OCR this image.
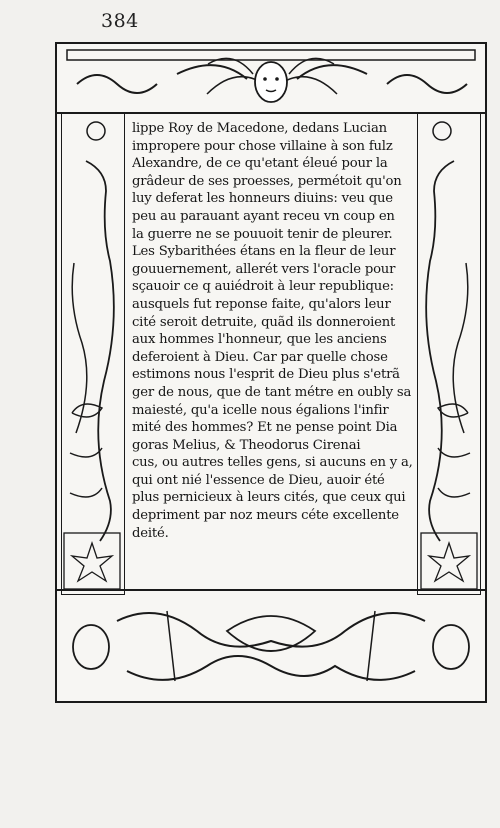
384
lippe Roy de Macedone, dedans Lucian
impropere pour chose villaine à son fulz
Alexandre, de ce qu'etant éleué pour la
grâdeur de ses proesses, permétoit qu'on
luy deferat les honneurs diuins: veu que
peu au parauant ayant receu vn coup en
la guerre ne se pouuoit tenir de pleurer.
Les Sybarithées étans en la fleur de leur
gouuernement, allerét vers l'oracle pour
sçauoir ce q auiédroit à leur republique:
ausquels fut reponse faite, qu'alors leur
cité seroit detruite, quãd ils donneroient
aux hommes l'honneur, que les anciens
deferoient à Dieu. Car par quelle chose
estimons nous l'esprit de Dieu plus s'etrã
ger de nous, que de tant métre en oubly sa
maiesté, qu'a icelle nous égalions l'infir
mité des hommes? Et ne pense point Dia
goras Melius, & Theodorus Cirenai
cus, ou autres telles gens, si aucuns en y a,
qui ont nié l'essence de Dieu, auoir été
plus pernicieux à leurs cités, que ceux qui
depriment par noz meurs céte excellente
deité.
